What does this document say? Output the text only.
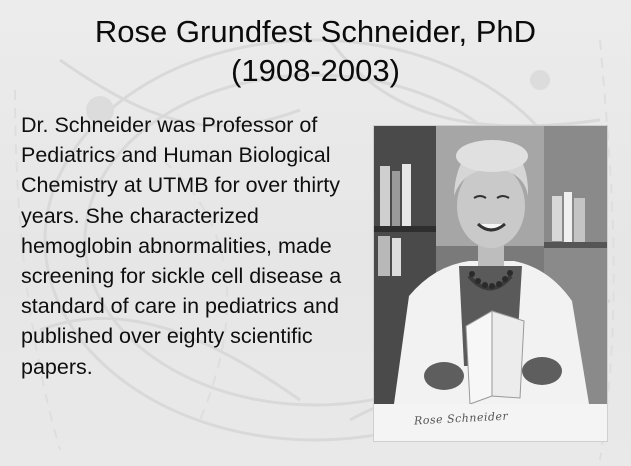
Rose Grundfest Schneider, PhD
(1908-2003)

Dr. Schneider was Professor of Pediatrics and Human Biological Chemistry at UTMB for over thirty years. She characterized hemoglobin abnormalities, made screening for sickle cell disease a standard of care in pediatrics and published over eighty scientific papers.

Rose Schneider
